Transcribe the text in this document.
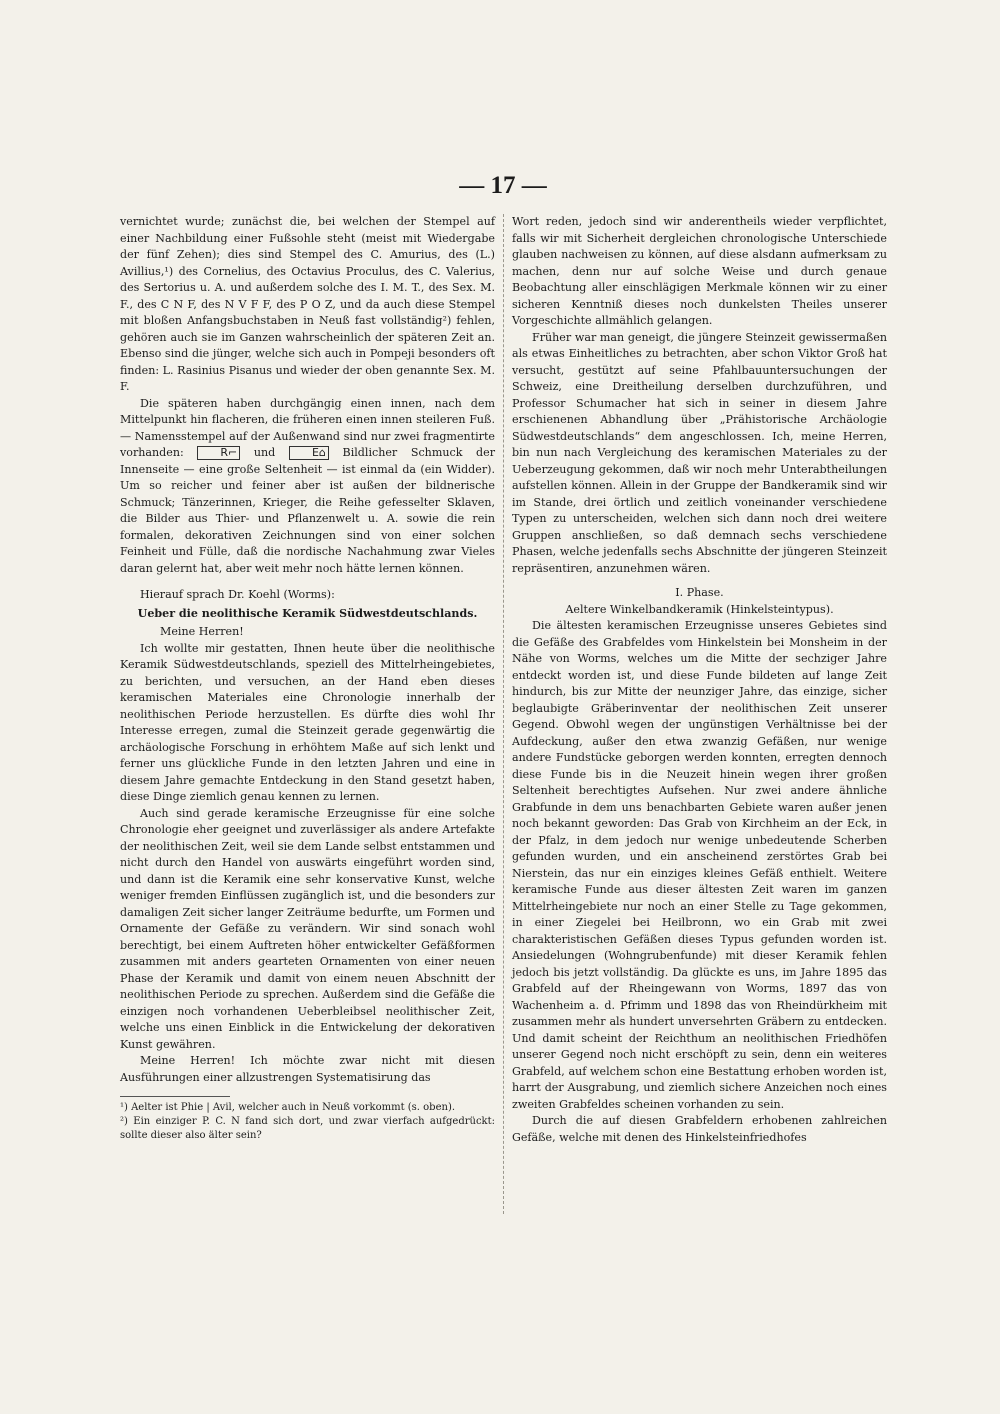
— 17 —

vernichtet wurde; zunächst die, bei welchen der Stempel auf einer Nachbildung einer Fußsohle steht (meist mit Wiedergabe der fünf Zehen); dies sind Stempel des C. Amurius, des (L.) Avillius,¹) des Cornelius, des Octavius Proculus, des C. Valerius, des Sertorius u. A. und außerdem solche des I. M. T., des Sex. M. F., des C N F, des N V F F, des P O Z, und da auch diese Stempel mit bloßen Anfangsbuchstaben in Neuß fast vollständig²) fehlen, gehören auch sie im Ganzen wahrscheinlich der späteren Zeit an. Ebenso sind die jünger, welche sich auch in Pompeji besonders oft finden: L. Rasinius Pisanus und wieder der oben genannte Sex. M. F.

Die späteren haben durchgängig einen innen, nach dem Mittelpunkt hin flacheren, die früheren einen innen steileren Fuß. — Namensstempel auf der Außenwand sind nur zwei fragmentirte vorhanden:	R⌐ und	E⌂ Bildlicher Schmuck der Innenseite — eine große Seltenheit — ist einmal da (ein Widder). Um so reicher und feiner aber ist außen der bildnerische Schmuck; Tänzerinnen, Krieger, die Reihe gefesselter Sklaven, die Bilder aus Thier- und Pflanzenwelt u. A. sowie die rein formalen, dekorativen Zeichnungen sind von einer solchen Feinheit und Fülle, daß die nordische Nachahmung zwar Vieles daran gelernt hat, aber weit mehr noch hätte lernen können.

Hierauf sprach Dr. Koehl (Worms):

Ueber die neolithische Keramik Südwestdeutschlands.

Meine Herren!

Ich wollte mir gestatten, Ihnen heute über die neolithische Keramik Südwestdeutschlands, speziell des Mittelrheingebietes, zu berichten, und versuchen, an der Hand eben dieses keramischen Materiales eine Chronologie innerhalb der neolithischen Periode herzustellen. Es dürfte dies wohl Ihr Interesse erregen, zumal die Steinzeit gerade gegenwärtig die archäologische Forschung in erhöhtem Maße auf sich lenkt und ferner uns glückliche Funde in den letzten Jahren und eine in diesem Jahre gemachte Entdeckung in den Stand gesetzt haben, diese Dinge ziemlich genau kennen zu lernen.

Auch sind gerade keramische Erzeugnisse für eine solche Chronologie eher geeignet und zuverlässiger als andere Artefakte der neolithischen Zeit, weil sie dem Lande selbst entstammen und nicht durch den Handel von auswärts eingeführt worden sind, und dann ist die Keramik eine sehr konservative Kunst, welche weniger fremden Einflüssen zugänglich ist, und die besonders zur damaligen Zeit sicher langer Zeiträume bedurfte, um Formen und Ornamente der Gefäße zu verändern. Wir sind sonach wohl berechtigt, bei einem Auftreten höher entwickelter Gefäßformen zusammen mit anders gearteten Ornamenten von einer neuen Phase der Keramik und damit von einem neuen Abschnitt der neolithischen Periode zu sprechen. Außerdem sind die Gefäße die einzigen noch vorhandenen Ueberbleibsel neolithischer Zeit, welche uns einen Einblick in die Entwickelung der dekorativen Kunst gewähren.

Meine Herren! Ich möchte zwar nicht mit diesen Ausführungen einer allzustrengen Systematisirung das

¹) Aelter ist Phie | Avil, welcher auch in Neuß vorkommt (s. oben).

²) Ein einziger P. C. N fand sich dort, und zwar vierfach aufgedrückt: sollte dieser also älter sein?

Wort reden, jedoch sind wir anderentheils wieder verpflichtet, falls wir mit Sicherheit dergleichen chronologische Unterschiede glauben nachweisen zu können, auf diese alsdann aufmerksam zu machen, denn nur auf solche Weise und durch genaue Beobachtung aller einschlägigen Merkmale können wir zu einer sicheren Kenntniß dieses noch dunkelsten Theiles unserer Vorgeschichte allmählich gelangen.

Früher war man geneigt, die jüngere Steinzeit gewissermaßen als etwas Einheitliches zu betrachten, aber schon Viktor Groß hat versucht, gestützt auf seine Pfahlbauuntersuchungen der Schweiz, eine Dreitheilung derselben durchzuführen, und Professor Schumacher hat sich in seiner in diesem Jahre erschienenen Abhandlung über „Prähistorische Archäologie Südwestdeutschlands“ dem angeschlossen. Ich, meine Herren, bin nun nach Vergleichung des keramischen Materiales zu der Ueberzeugung gekommen, daß wir noch mehr Unterabtheilungen aufstellen können. Allein in der Gruppe der Bandkeramik sind wir im Stande, drei örtlich und zeitlich voneinander verschiedene Typen zu unterscheiden, welchen sich dann noch drei weitere Gruppen anschließen, so daß demnach sechs verschiedene Phasen, welche jedenfalls sechs Abschnitte der jüngeren Steinzeit repräsentiren, anzunehmen wären.

I. Phase.

Aeltere Winkelbandkeramik (Hinkelsteintypus).

Die ältesten keramischen Erzeugnisse unseres Gebietes sind die Gefäße des Grabfeldes vom Hinkelstein bei Monsheim in der Nähe von Worms, welches um die Mitte der sechziger Jahre entdeckt worden ist, und diese Funde bildeten auf lange Zeit hindurch, bis zur Mitte der neunziger Jahre, das einzige, sicher beglaubigte Gräberinventar der neolithischen Zeit unserer Gegend. Obwohl wegen der ungünstigen Verhältnisse bei der Aufdeckung, außer den etwa zwanzig Gefäßen, nur wenige andere Fundstücke geborgen werden konnten, erregten dennoch diese Funde bis in die Neuzeit hinein wegen ihrer großen Seltenheit berechtigtes Aufsehen. Nur zwei andere ähnliche Grabfunde in dem uns benachbarten Gebiete waren außer jenen noch bekannt geworden: Das Grab von Kirchheim an der Eck, in der Pfalz, in dem jedoch nur wenige unbedeutende Scherben gefunden wurden, und ein anscheinend zerstörtes Grab bei Nierstein, das nur ein einziges kleines Gefäß enthielt. Weitere keramische Funde aus dieser ältesten Zeit waren im ganzen Mittelrheingebiete nur noch an einer Stelle zu Tage gekommen, in einer Ziegelei bei Heilbronn, wo ein Grab mit zwei charakteristischen Gefäßen dieses Typus gefunden worden ist. Ansiedelungen (Wohngrubenfunde) mit dieser Keramik fehlen jedoch bis jetzt vollständig. Da glückte es uns, im Jahre 1895 das Grabfeld auf der Rheingewann von Worms, 1897 das von Wachenheim a. d. Pfrimm und 1898 das von Rheindürkheim mit zusammen mehr als hundert unversehrten Gräbern zu entdecken. Und damit scheint der Reichthum an neolithischen Friedhöfen unserer Gegend noch nicht erschöpft zu sein, denn ein weiteres Grabfeld, auf welchem schon eine Bestattung erhoben worden ist, harrt der Ausgrabung, und ziemlich sichere Anzeichen noch eines zweiten Grabfeldes scheinen vorhanden zu sein.

Durch die auf diesen Grabfeldern erhobenen zahlreichen Gefäße, welche mit denen des Hinkelsteinfriedhofes
